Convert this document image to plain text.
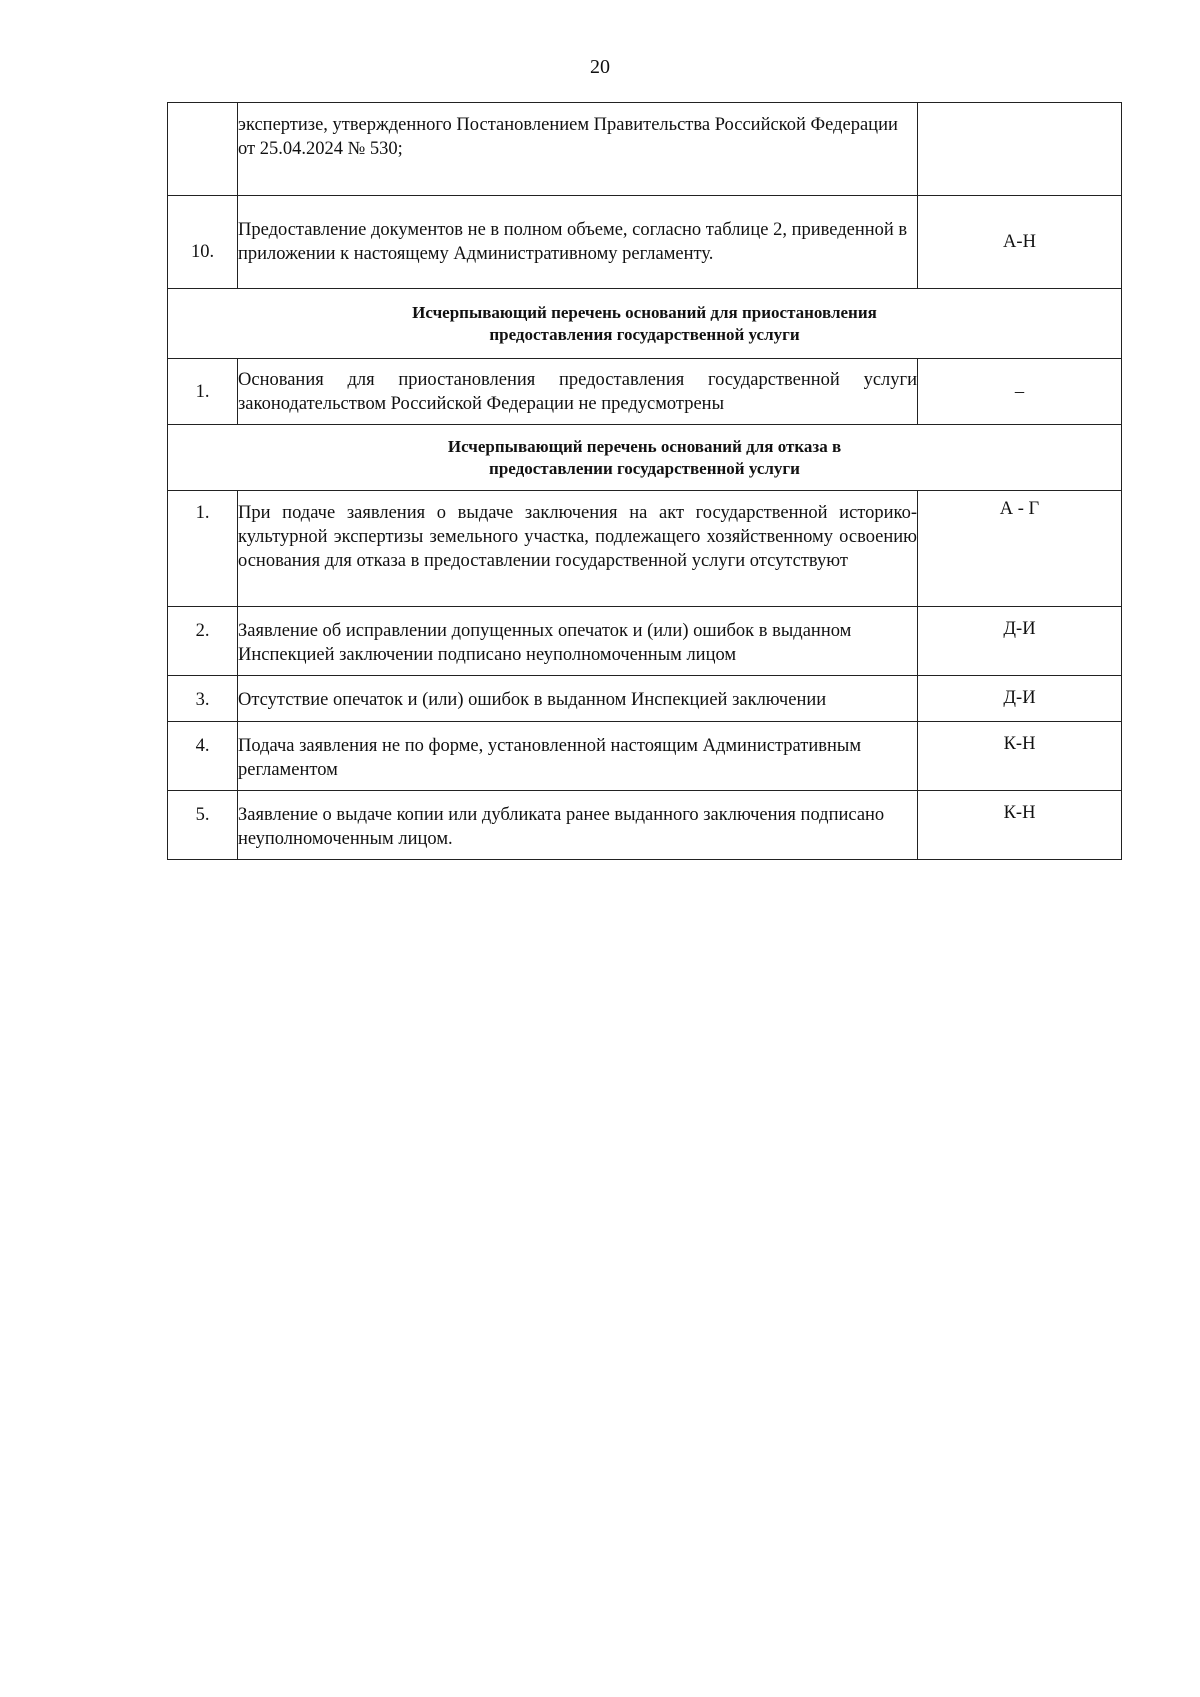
20
	экспертизе, утвержденного Постановлением Правительства Российской Федерации от 25.04.2024 № 530;	
10.	Предоставление документов не в полном объеме, согласно таблице 2, приведенной в приложении к настоящему Административному регламенту.	А-Н

Исчерпывающий перечень оснований для приостановления предоставления государственной услуги		

1.	Основания для приостановления предоставления государственной услуги законодательством Российской Федерации не предусмотрены	–

Исчерпывающий перечень оснований для отказа в предоставлении государственной услуги		

1.	При подаче заявления о выдаче заключения на акт государственной историко-культурной экспертизы земельного участка, подлежащего хозяйственному освоению основания для отказа в предоставлении государственной услуги отсутствуют	А - Г
2.	Заявление об исправлении допущенных опечаток и (или) ошибок в выданном Инспекцией заключении подписано неуполномоченным лицом	Д-И
3.	Отсутствие опечаток и (или) ошибок в выданном Инспекцией заключении	Д-И
4.	Подача заявления не по форме, установленной настоящим Административным регламентом	К-Н
5.	Заявление о выдаче копии или дубликата ранее выданного заключения подписано неуполномоченным лицом.	К-Н
